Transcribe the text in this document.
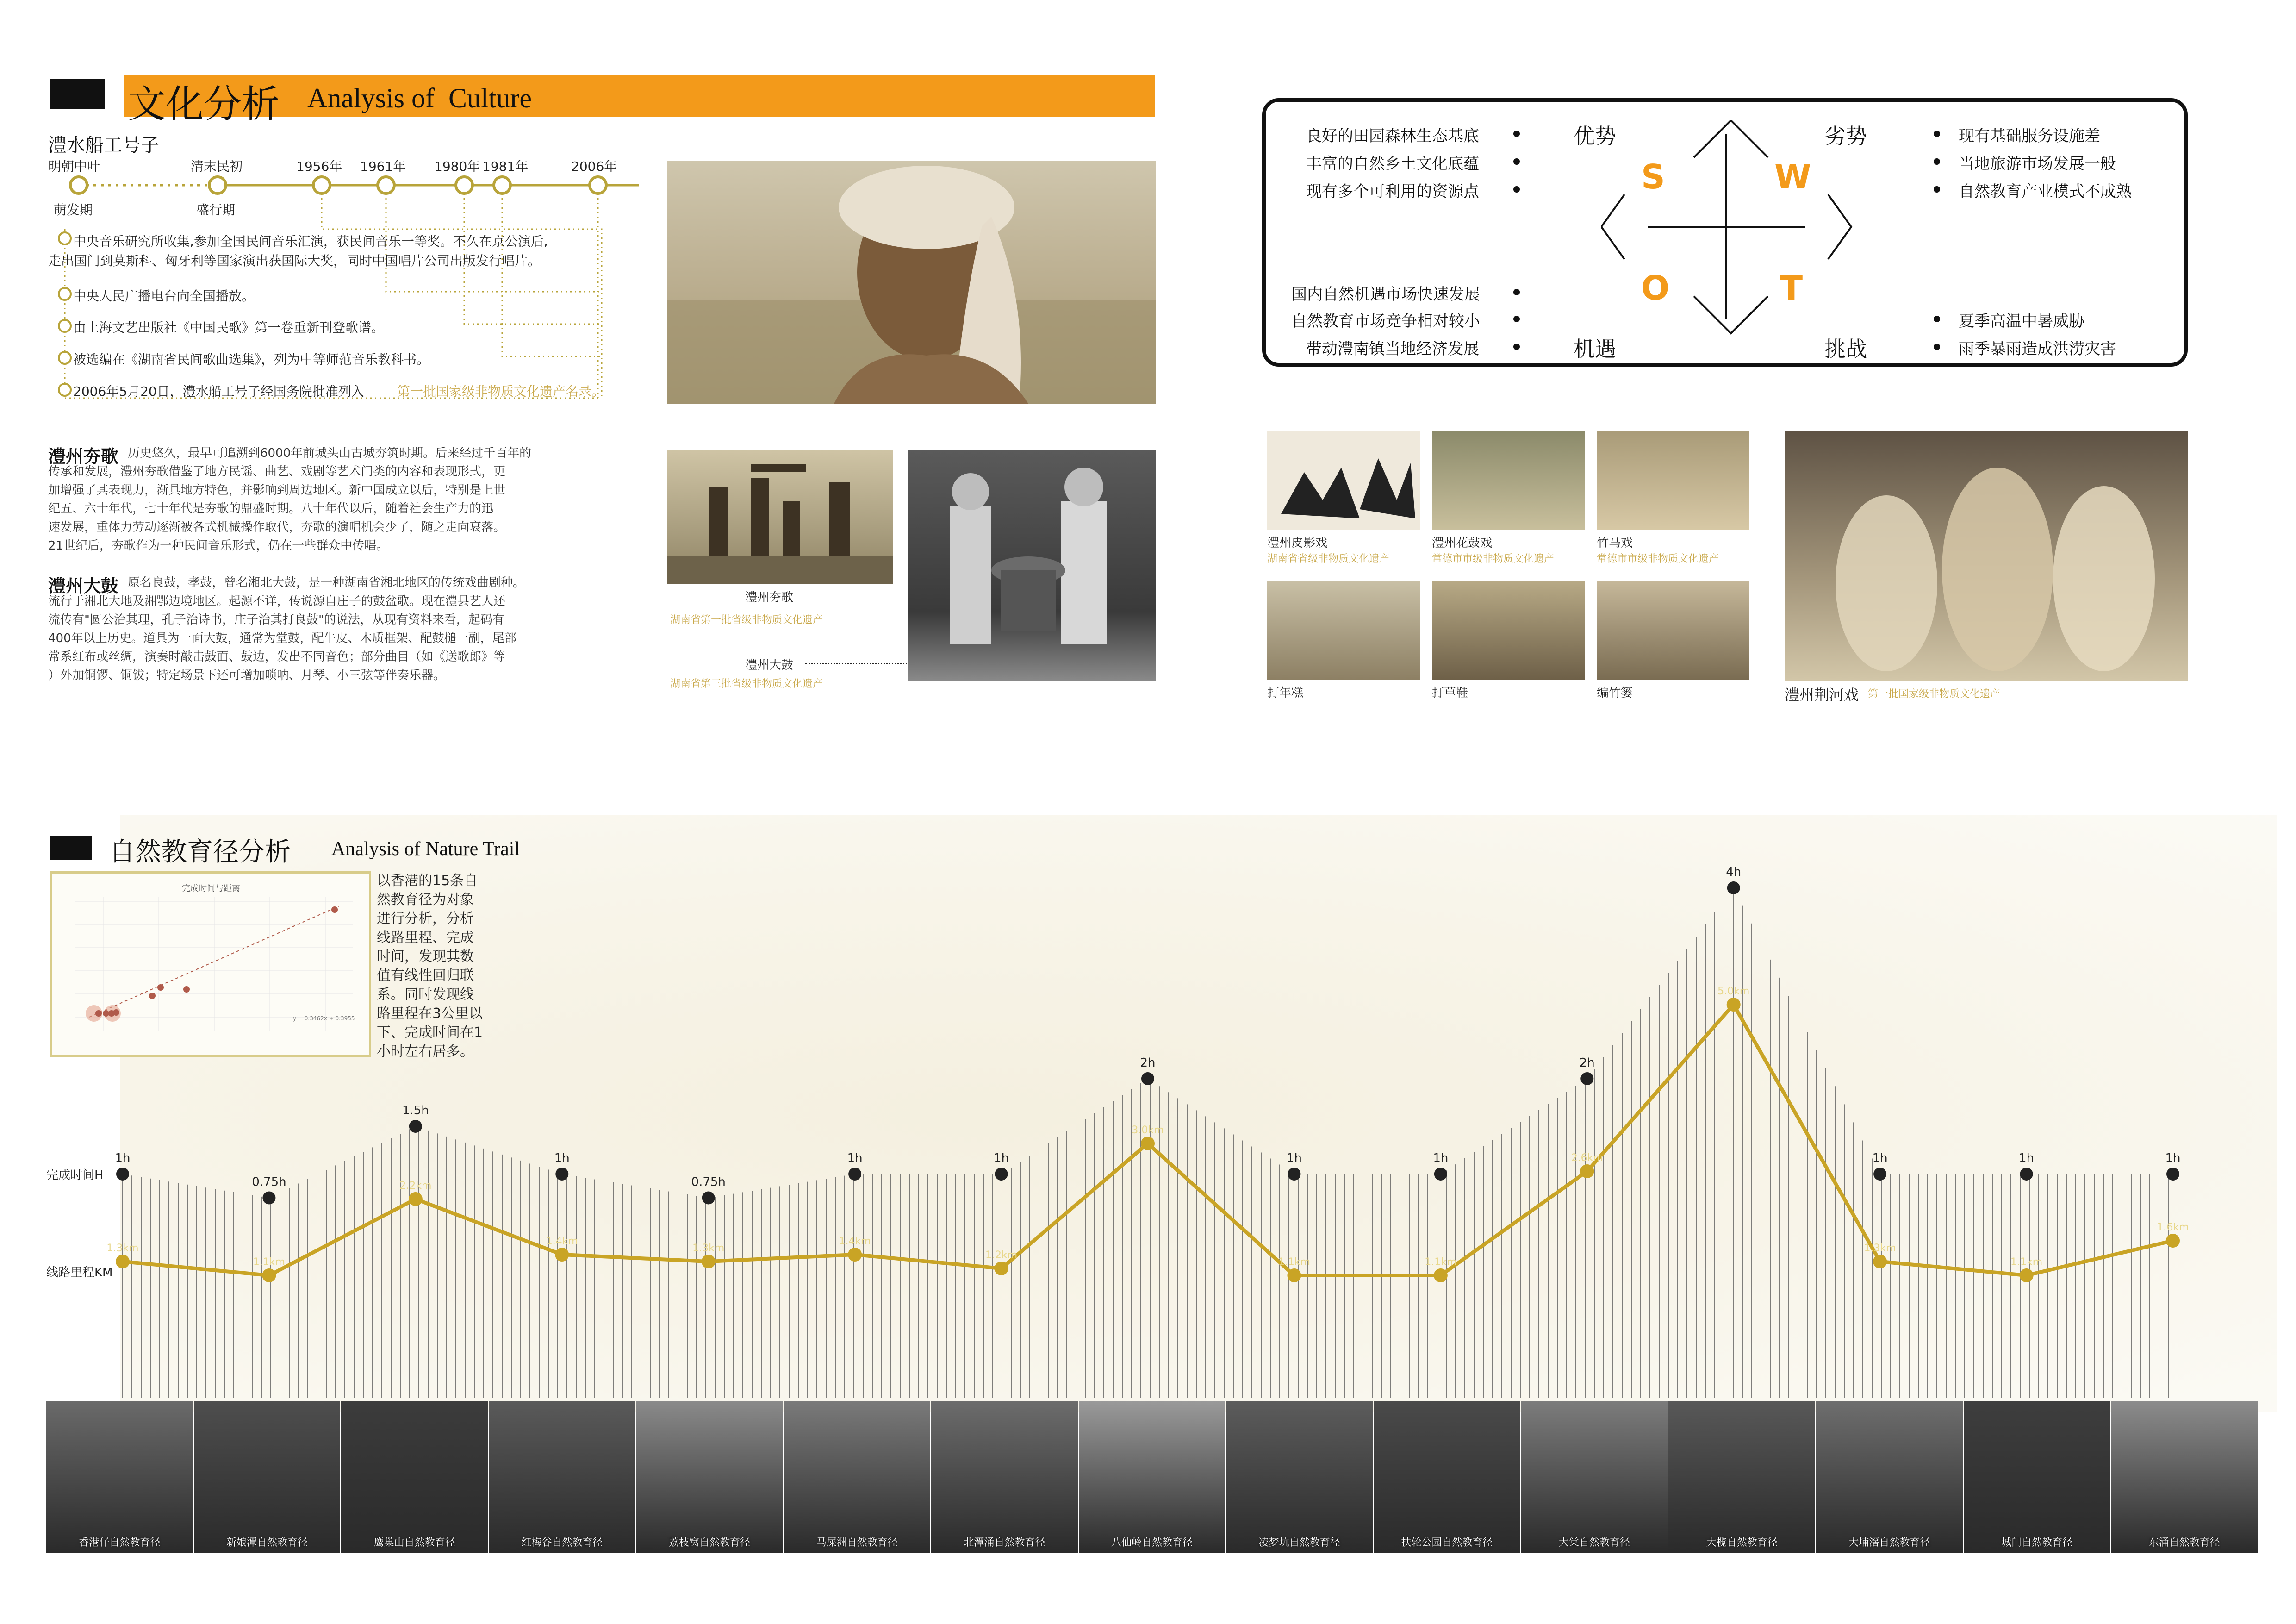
文化分析 Analysis of  Culture
澧水船工号子
明朝中叶	清末民初	1956年 1961年 1980年 1981年	2006年
萌发期	盛行期
中央音乐研究所收集,参加全国民间音乐汇演，获民间音乐一等奖。不久在京公演后,
走出国门到莫斯科、匈牙利等国家演出获国际大奖，同时中国唱片公司出版发行唱片。
中央人民广播电台向全国播放。
由上海文艺出版社《中国民歌》第一卷重新刊登歌谱。
被选编在《湖南省民间歌曲选集》，列为中等师范音乐教科书。
2006年5月20日，澧水船工号子经国务院批准列入	第一批国家级非物质文化遗产名录。
澧州夯歌 历史悠久，最早可追溯到6000年前城头山古城夯筑时期。后来经过千百年的
传承和发展，澧州夯歌借鉴了地方民谣、曲艺、戏剧等艺术门类的内容和表现形式，更
加增强了其表现力，渐具地方特色，并影响到周边地区。新中国成立以后，特别是上世
纪五、六十年代，七十年代是夯歌的鼎盛时期。八十年代以后，随着社会生产力的迅
速发展，重体力劳动逐渐被各式机械操作取代，夯歌的演唱机会少了，随之走向衰落。
21世纪后，夯歌作为一种民间音乐形式，仍在一些群众中传唱。
澧州大鼓 原名良鼓，孝鼓，曾名湘北大鼓，是一种湖南省湘北地区的传统戏曲剧种。
流行于湘北大地及湘鄂边境地区。起源不详，传说源自庄子的鼓盆歌。现在澧县艺人还
流传有"圆公治其理，孔子治诗书，庄子治其打良鼓"的说法，从现有资料来看，起码有
400年以上历史。道具为一面大鼓，通常为堂鼓，配牛皮、木质框架、配鼓槌一副，尾部
常系红布或丝绸，演奏时敲击鼓面、鼓边，发出不同音色；部分曲目（如《送歌郎》等
）外加铜锣、铜钹；特定场景下还可增加唢呐、月琴、小三弦等伴奏乐器。
澧州夯歌
湖南省第一批省级非物质文化遗产
澧州大鼓
湖南省第三批省级非物质文化遗产
S	W
O	T
优势	劣势
机遇	挑战
良好的田园森林生态基底
丰富的自然乡土文化底蕴
现有多个可利用的资源点
现有基础服务设施差
当地旅游市场发展一般
自然教育产业模式不成熟
国内自然机遇市场快速发展
自然教育市场竞争相对较小
带动澧南镇当地经济发展
夏季高温中暑威胁
雨季暴雨造成洪涝灾害
澧州皮影戏
湖南省省级非物质文化遗产
澧州花鼓戏
常德市市级非物质文化遗产
竹马戏
常德市市级非物质文化遗产
打年糕	打草鞋	编竹篓	澧州荆河戏 第一批国家级非物质文化遗产
自然教育径分析 Analysis of Nature Trail
完成时间与距离
y = 0.3462x + 0.3955
以香港的15条自
然教育径为对象
进行分析，分析
线路里程、完成
时间，发现其数
值有线性回归联
系。同时发现线
路里程在3公里以
下、完成时间在1
小时左右居多。
完成时间H
线路里程KM
1.3km
1.1km
2.2km
1.4km
1.3km
1.4km
1.2km
3.0km
1.1km	1.1km
2.6km
5.0km
1.3km
1.1km
1.6km
1h
0.75h
1.5h
1h
0.75h
1h	1h
2h
1h	1h
2h
4h
1h	1h	1h
香港仔自然教育径	新娘潭自然教育径	鹰巢山自然教育径	红梅谷自然教育径	荔枝窝自然教育径	马屎洲自然教育径	北潭涌自然教育径	八仙岭自然教育径	凌梦坑自然教育径	扶轮公园自然教育径	大棠自然教育径	大榄自然教育径	大埔滘自然教育径	城门自然教育径	东涌自然教育径
